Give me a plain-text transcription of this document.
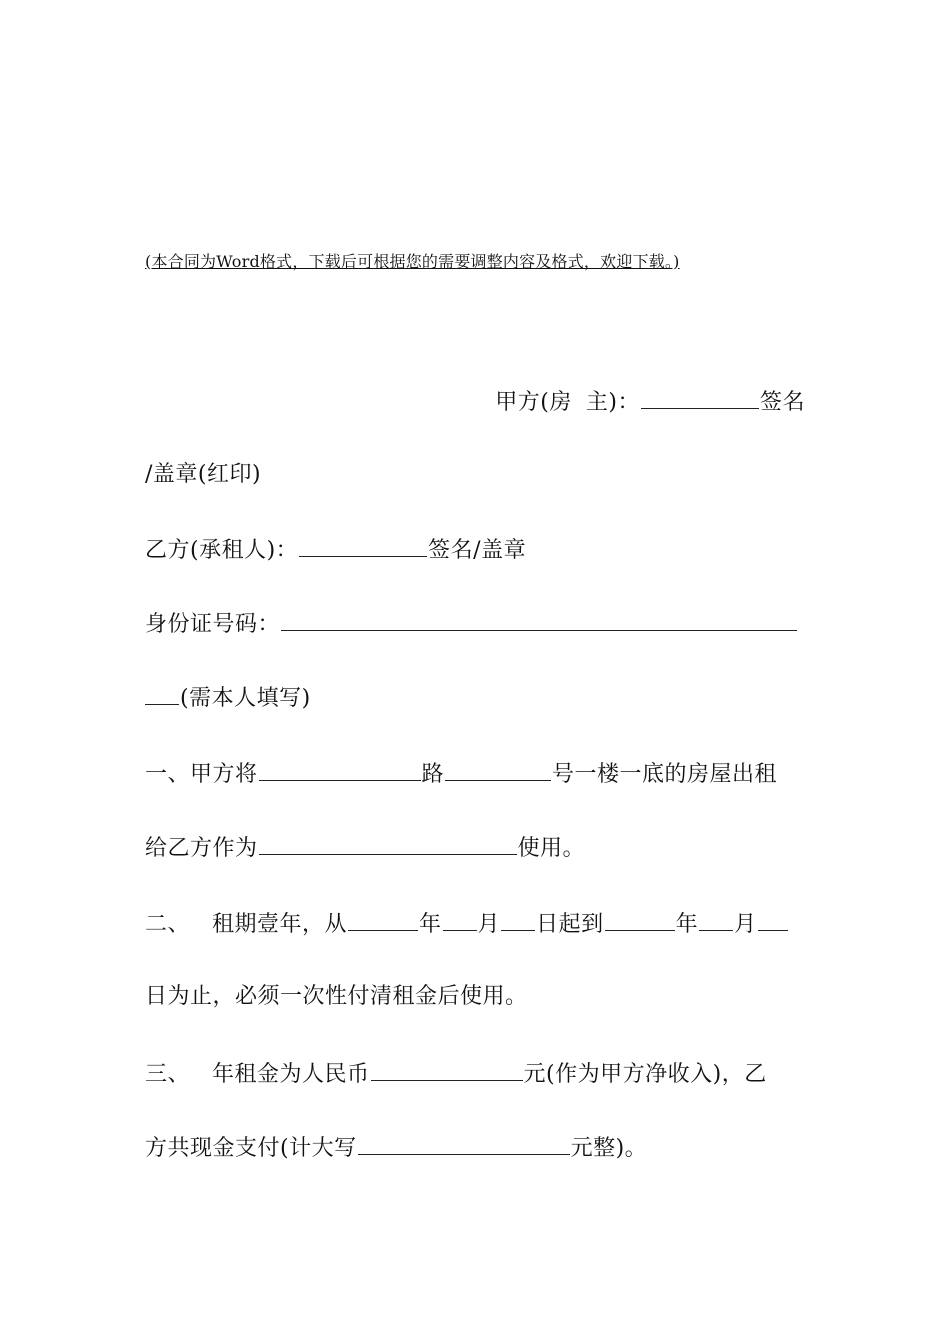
(本合同为Word格式，下载后可根据您的需要调整内容及格式，欢迎下载。)
甲方(房 主)：	签名
/盖章(红印)
乙方(承租人)：	签名/盖章
身份证号码：
(需本人填写)
一、甲方将	路	号一楼一底的房屋出租
给乙方作为	使用。
二、 租期壹年，从	年 月 日起到	年 月
日为止，必须一次性付清租金后使用。
三、 年租金为人民币	元(作为甲方净收入)，乙
方共现金支付(计大写	元整)。
